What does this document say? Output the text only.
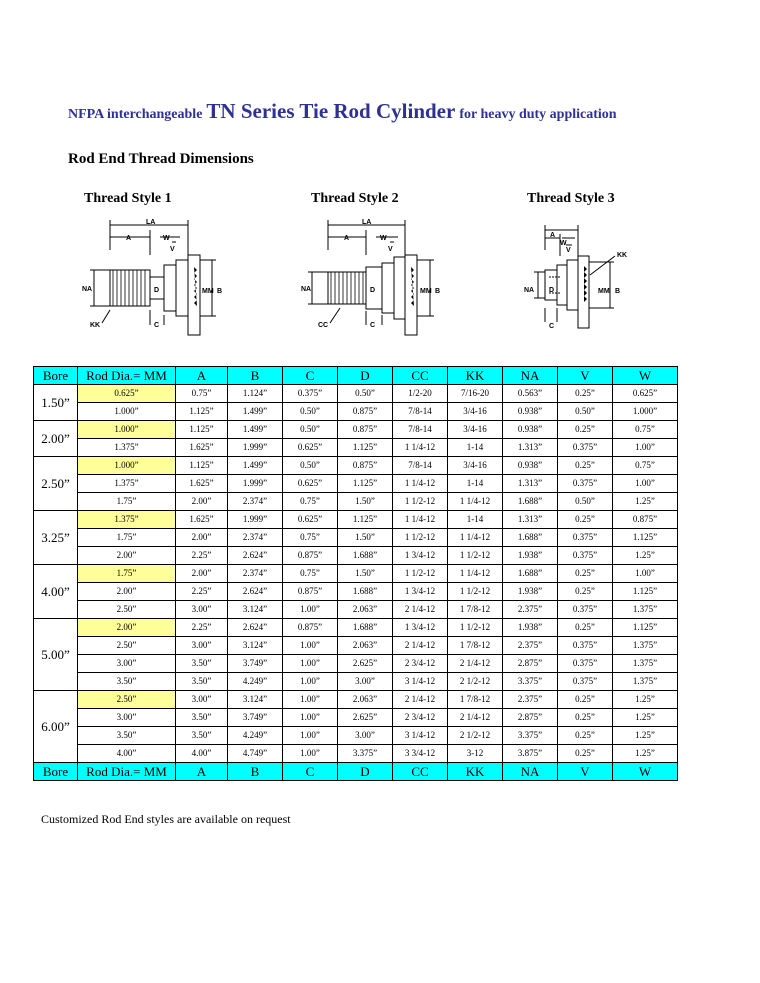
NFPA interchangeable TN Series Tie Rod Cylinder for heavy duty application
Rod End Thread Dimensions
Thread Style 1	Thread Style 2	Thread Style 3
LA
A	W
V
NA	D	MM B
KK	C
LA
A	W
V
NA	D	MM B
CC	C
A
W
V
KK
NA D	MM B
C
Bore	Rod Dia.= MM	A	B	C	D	CC	KK	NA	V	W
1.50”	0.625”	0.75”	1.124”	0.375”	0.50”	1/2-20	7/16-20	0.563”	0.25”	0.625”
	1.000”	1.125”	1.499”	0.50”	0.875”	7/8-14	3/4-16	0.938”	0.50”	1.000”
2.00”	1.000”	1.125”	1.499”	0.50”	0.875”	7/8-14	3/4-16	0.938”	0.25”	0.75”
	1.375”	1.625”	1.999”	0.625”	1.125”	1 1/4-12	1-14	1.313”	0.375”	1.00”
2.50”	1.000”	1.125”	1.499”	0.50”	0.875”	7/8-14	3/4-16	0.938”	0.25”	0.75”
	1.375”	1.625”	1.999”	0.625”	1.125”	1 1/4-12	1-14	1.313”	0.375”	1.00”
	1.75”	2.00”	2.374”	0.75”	1.50”	1 1/2-12	1 1/4-12	1.688”	0.50”	1.25”
3.25”	1.375”	1.625”	1.999”	0.625”	1.125”	1 1/4-12	1-14	1.313”	0.25”	0.875”
	1.75”	2.00”	2.374”	0.75”	1.50”	1 1/2-12	1 1/4-12	1.688”	0.375”	1.125”
	2.00”	2.25”	2.624”	0.875”	1.688”	1 3/4-12	1 1/2-12	1.938”	0.375”	1.25”
4.00”	1.75”	2.00”	2.374”	0.75”	1.50”	1 1/2-12	1 1/4-12	1.688”	0.25”	1.00”
	2.00”	2.25”	2.624”	0.875”	1.688”	1 3/4-12	1 1/2-12	1.938”	0.25”	1.125”
	2.50”	3.00”	3.124”	1.00”	2.063”	2 1/4-12	1 7/8-12	2.375”	0.375”	1.375”
5.00”	2.00”	2.25”	2.624”	0.875”	1.688”	1 3/4-12	1 1/2-12	1.938”	0.25”	1.125”
	2.50”	3.00”	3.124”	1.00”	2.063”	2 1/4-12	1 7/8-12	2.375”	0.375”	1.375”
	3.00”	3.50”	3.749”	1.00”	2.625”	2 3/4-12	2 1/4-12	2.875”	0.375”	1.375”
	3.50”	3.50”	4.249”	1.00”	3.00”	3 1/4-12	2 1/2-12	3.375”	0.375”	1.375”
6.00”	2.50”	3.00”	3.124”	1.00”	2.063”	2 1/4-12	1 7/8-12	2.375”	0.25”	1.25”
	3.00”	3.50”	3.749”	1.00”	2.625”	2 3/4-12	2 1/4-12	2.875”	0.25”	1.25”
	3.50”	3.50”	4.249”	1.00”	3.00”	3 1/4-12	2 1/2-12	3.375”	0.25”	1.25”
	4.00”	4.00”	4.749”	1.00”	3.375”	3 3/4-12	3-12	3.875”	0.25”	1.25”
Bore	Rod Dia.= MM	A	B	C	D	CC	KK	NA	V	W
Customized Rod End styles are available on request
